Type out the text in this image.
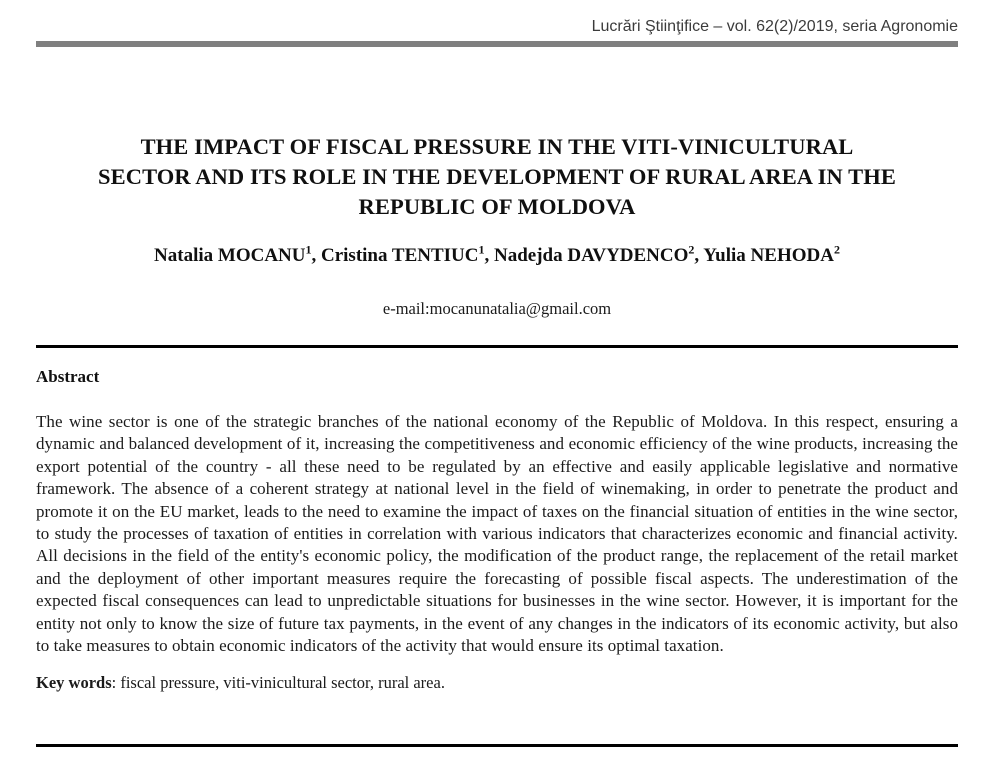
Lucrări Ştiinţifice – vol. 62(2)/2019, seria Agronomie
THE IMPACT OF FISCAL PRESSURE IN THE VITI-VINICULTURAL
SECTOR AND ITS ROLE IN THE DEVELOPMENT OF RURAL AREA IN THE
REPUBLIC OF MOLDOVA
Natalia MOCANU$^1$, Cristina TENTIUC$^1$, Nadejda DAVYDENCO$^2$, Yulia NEHODA$^2$
e-mail:mocanunatalia@gmail.com
Abstract

The wine sector is one of the strategic branches of the national economy of the Republic of Moldova. In this respect, ensuring a dynamic and balanced development of it, increasing the competitiveness and economic efficiency of the wine products, increasing the export potential of the country - all these need to be regulated by an effective and easily applicable legislative and normative framework. The absence of a coherent strategy at national level in the field of winemaking, in order to penetrate the product and promote it on the EU market, leads to the need to examine the impact of taxes on the financial situation of entities in the wine sector, to study the processes of taxation of entities in correlation with various indicators that characterizes economic and financial activity. All decisions in the field of the entity's economic policy, the modification of the product range, the replacement of the retail market and the deployment of other important measures require the forecasting of possible fiscal aspects. The underestimation of the expected fiscal consequences can lead to unpredictable situations for businesses in the wine sector. However, it is important for the entity not only to know the size of future tax payments, in the event of any changes in the indicators of its economic activity, but also to take measures to obtain economic indicators of the activity that would ensure its optimal taxation.

Key words: fiscal pressure, viti-vinicultural sector, rural area.
